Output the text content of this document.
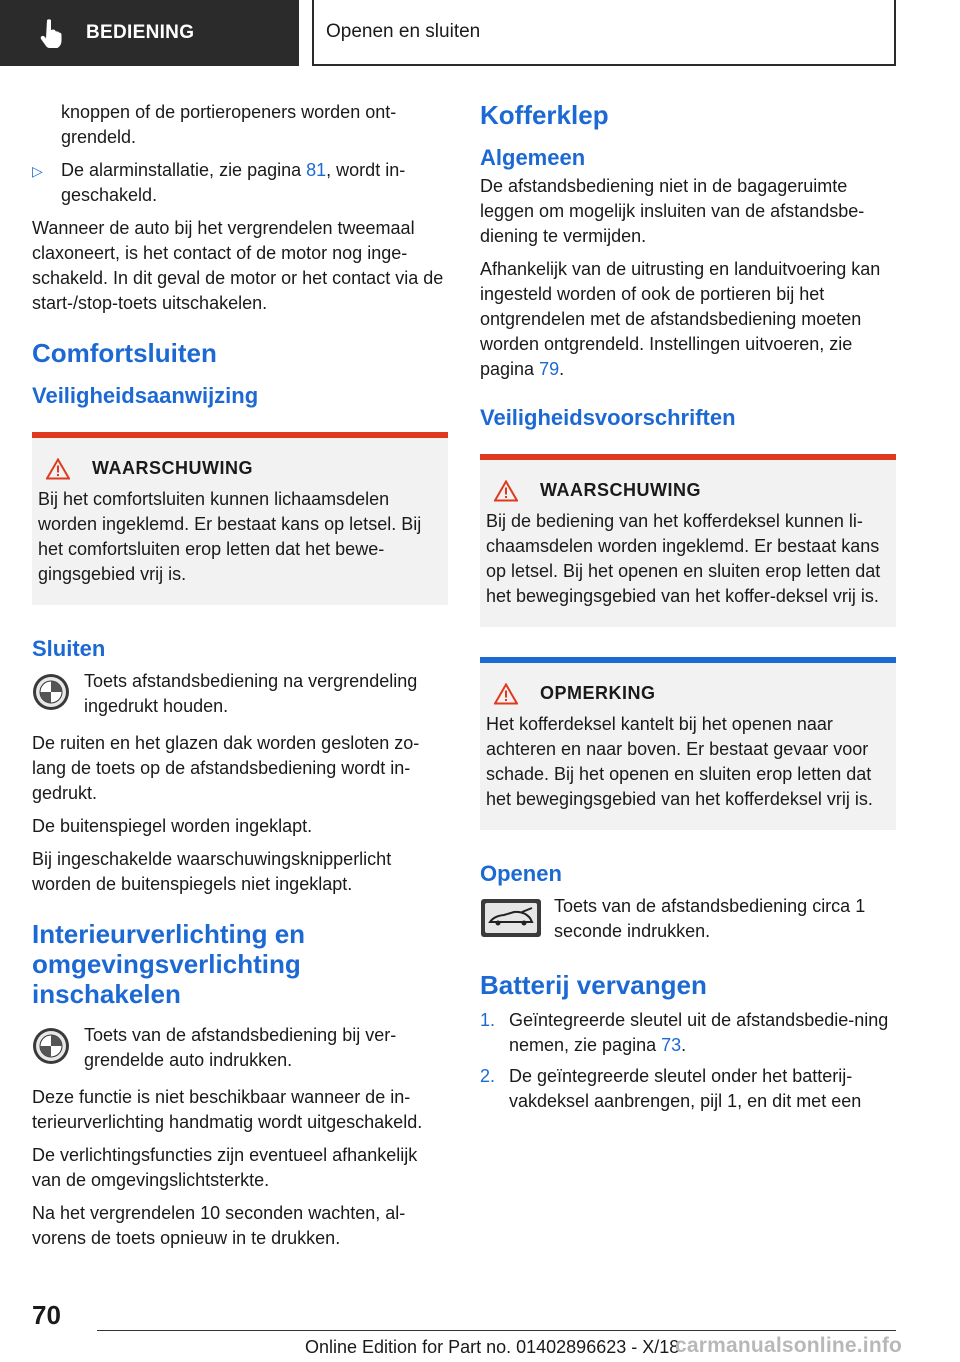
BEDIENING	Openen en sluiten
knoppen of de portieropeners worden ont-grendeld.
▷	De alarminstallatie, zie pagina 81, wordt in-geschakeld.

Wanneer de auto bij het vergrendelen tweemaal claxoneert, is het contact of de motor nog inge-schakeld. In dit geval de motor or het contact via de start-/stop-toets uitschakelen.

Comfortsluiten
Veiligheidsaanwijzing
WAARSCHUWING
Bij het comfortsluiten kunnen lichaamsdelen worden ingeklemd. Er bestaat kans op letsel. Bij het comfortsluiten erop letten dat het bewe-gingsgebied vrij is.
Sluiten
Toets afstandsbediening na vergrendeling ingedrukt houden.

De ruiten en het glazen dak worden gesloten zo-lang de toets op de afstandsbediening wordt in-gedrukt.

De buitenspiegel worden ingeklapt.

Bij ingeschakelde waarschuwingsknipperlicht worden de buitenspiegels niet ingeklapt.

Interieurverlichting en omgevingsverlichting inschakelen
Toets van de afstandsbediening bij ver-grendelde auto indrukken.

Deze functie is niet beschikbaar wanneer de in-terieurverlichting handmatig wordt uitgeschakeld.

De verlichtingsfuncties zijn eventueel afhankelijk van de omgevingslichtsterkte.

Na het vergrendelen 10 seconden wachten, al-vorens de toets opnieuw in te drukken.

Kofferklep
Algemeen

De afstandsbediening niet in de bagageruimte leggen om mogelijk insluiten van de afstandsbe-diening te vermijden.

Afhankelijk van de uitrusting en landuitvoering kan ingesteld worden of ook de portieren bij het ontgrendelen met de afstandsbediening moeten worden ontgrendeld. Instellingen uitvoeren, zie pagina 79.

Veiligheidsvoorschriften
WAARSCHUWING
Bij de bediening van het kofferdeksel kunnen li-chaamsdelen worden ingeklemd. Er bestaat kans op letsel. Bij het openen en sluiten erop letten dat het bewegingsgebied van het koffer-deksel vrij is.
OPMERKING
Het kofferdeksel kantelt bij het openen naar achteren en naar boven. Er bestaat gevaar voor schade. Bij het openen en sluiten erop letten dat het bewegingsgebied van het kofferdeksel vrij is.
Openen
Toets van de afstandsbediening circa 1 seconde indrukken.
Batterij vervangen
1. Geïntegreerde sleutel uit de afstandsbedie-ning nemen, zie pagina 73.
2. De geïntegreerde sleutel onder het batterij-vakdeksel aanbrengen, pijl 1, en dit met een
70
Online Edition for Part no. 01402896623 - X/18
carmanualsonline.info
